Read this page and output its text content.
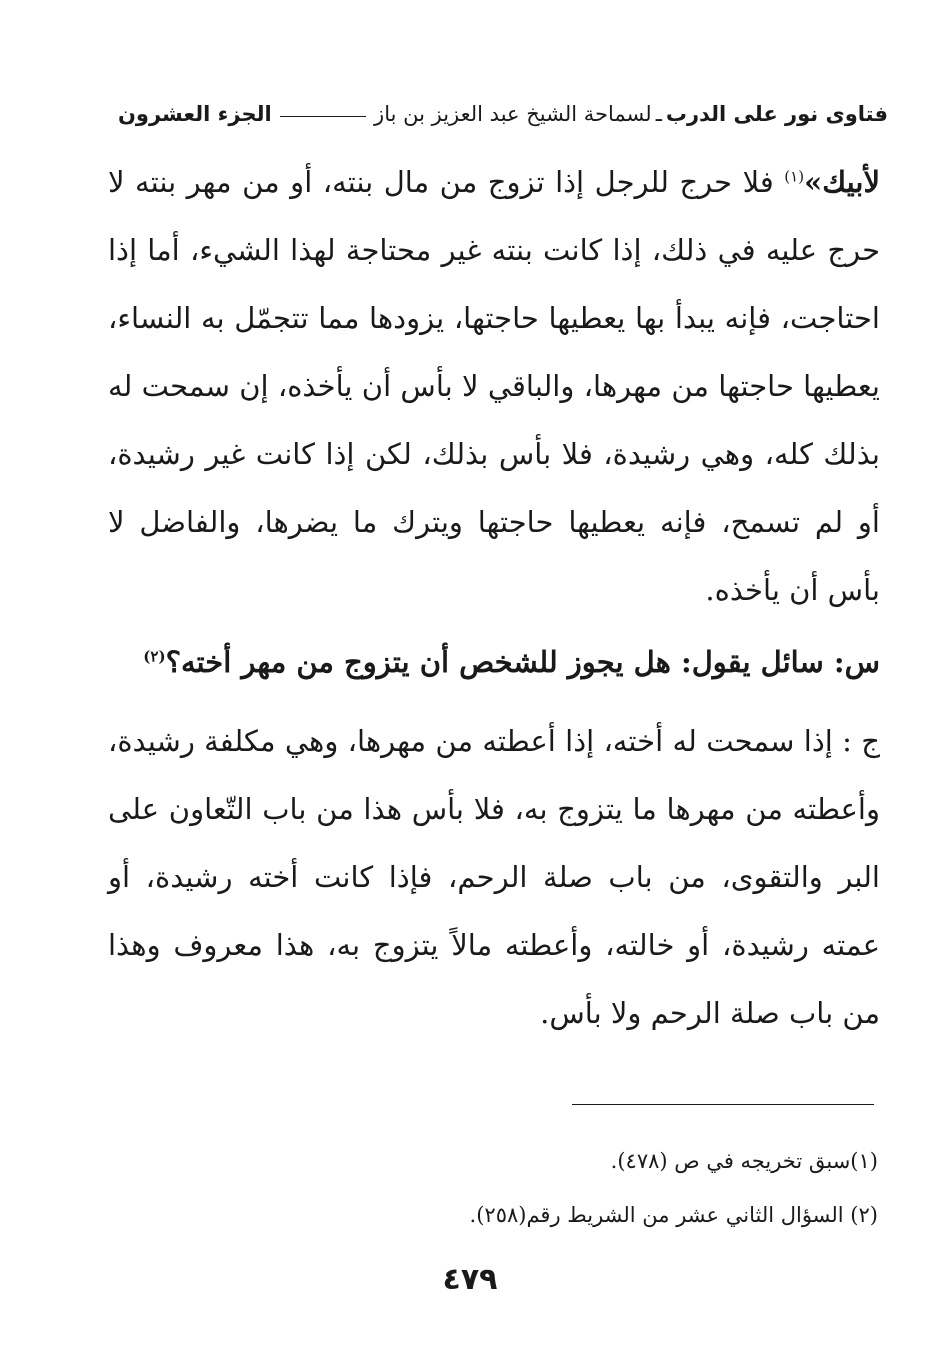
فتاوى نور على الدرب
ـ
لسماحة الشيخ عبد العزيز بن باز
الجزء العشرون

لأبيك»$^{(١)}$ فلا حرج للرجل إذا تزوج من مال بنته، أو من مهر بنته لا حرج عليه في ذلك، إذا كانت بنته غير محتاجة لهذا الشيء، أما إذا احتاجت، فإنه يبدأ بها يعطيها حاجتها، يزودها مما تتجمّل به النساء، يعطيها حاجتها من مهرها، والباقي لا بأس أن يأخذه، إن سمحت له بذلك كله، وهي رشيدة، فلا بأس بذلك، لكن إذا كانت غير رشيدة، أو لم تسمح، فإنه يعطيها حاجتها ويترك ما يضرها، والفاضل لا بأس أن يأخذه.

س: سائل يقول: هل يجوز للشخص أن يتزوج من مهر أخته؟$^{(٢)}$

ج : إذا سمحت له أخته، إذا أعطته من مهرها، وهي مكلفة رشيدة، وأعطته من مهرها ما يتزوج به، فلا بأس هذا من باب التّعاون على البر والتقوى، من باب صلة الرحم، فإذا كانت أخته رشيدة، أو عمته رشيدة، أو خالته، وأعطته مالاً يتزوج به، هذا معروف وهذا من باب صلة الرحم ولا بأس.

(١)سبق تخريجه في ص (٤٧٨).

(٢) السؤال الثاني عشر من الشريط رقم(٢٥٨).

٤٧٩
